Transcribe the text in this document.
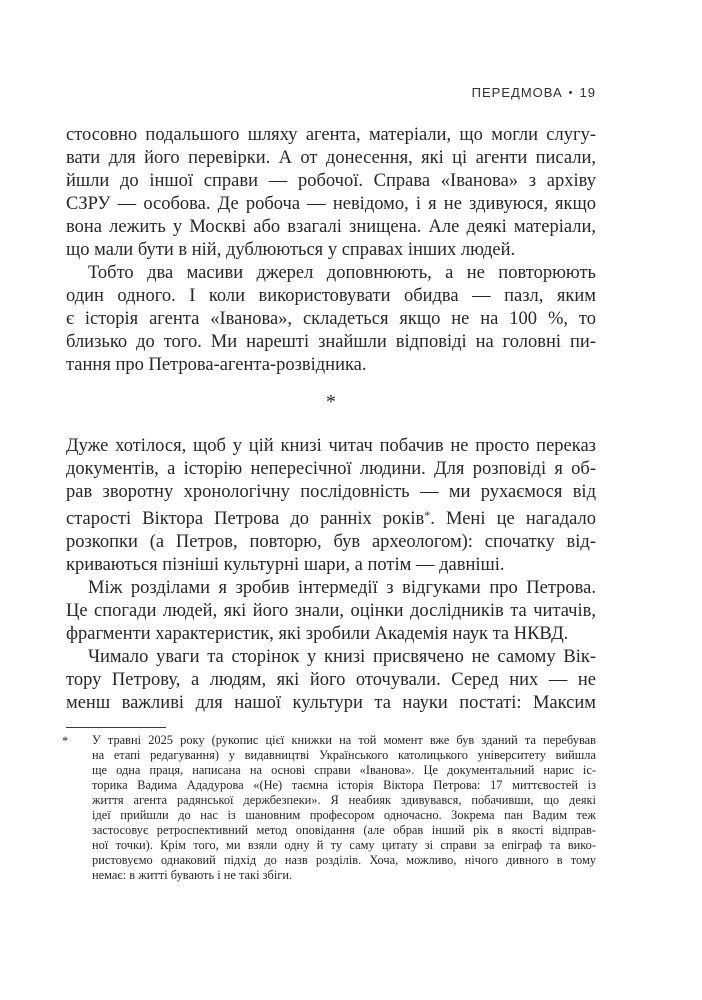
ПЕРЕДМОВА • 19
стосовно подальшого шляху агента, матеріали, що могли слугу-
вати для його перевірки. А от донесення, які ці агенти писали,
йшли до іншої справи — робочої. Справа «Іванова» з архіву
СЗРУ — особова. Де робоча — невідомо, і я не здивуюся, якщо
вона лежить у Москві або взагалі знищена. Але деякі матеріали,
що мали бути в ній, дублюються у справах інших людей.
Тобто два масиви джерел доповнюють, а не повторюють
один одного. І коли використовувати обидва — пазл, яким
є історія агента «Іванова», складеться якщо не на 100 %, то
близько до того. Ми нарешті знайшли відповіді на головні пи-
тання про Петрова-агента-розвідника.
*
Дуже хотілося, щоб у цій книзі читач побачив не просто переказ
документів, а історію непересічної людини. Для розповіді я об-
рав зворотну хронологічну послідовність — ми рухаємося від
старості Віктора Петрова до ранніх років*. Мені це нагадало
розкопки (а Петров, повторю, був археологом): спочатку від-
криваються пізніші культурні шари, а потім — давніші.
Між розділами я зробив інтермедії з відгуками про Петрова.
Це спогади людей, які його знали, оцінки дослідників та читачів,
фрагменти характеристик, які зробили Академія наук та НКВД.
Чимало уваги та сторінок у книзі присвячено не самому Вік-
тору Петрову, а людям, які його оточували. Серед них — не
менш важливі для нашої культури та науки постаті: Максим
* У травні 2025 року (рукопис цієї книжки на той момент вже був зданий та перебував
на етапі редагування) у видавництві Українського католицького університету вийшла
ще одна праця, написана на основі справи «Іванова». Це документальний нарис іс-
торика Вадима Ададурова «(Не) таємна історія Віктора Петрова: 17 миттєвостей із
життя агента радянської держбезпеки». Я неабияк здивувався, побачивши, що деякі
ідеї прийшли до нас із шановним професором одночасно. Зокрема пан Вадим теж
застосовує ретроспективний метод оповідання (але обрав інший рік в якості відправ-
ної точки). Крім того, ми взяли одну й ту саму цитату зі справи за епіграф та вико-
ристовуємо однаковий підхід до назв розділів. Хоча, можливо, нічого дивного в тому
немає: в житті бувають і не такі збіги.
